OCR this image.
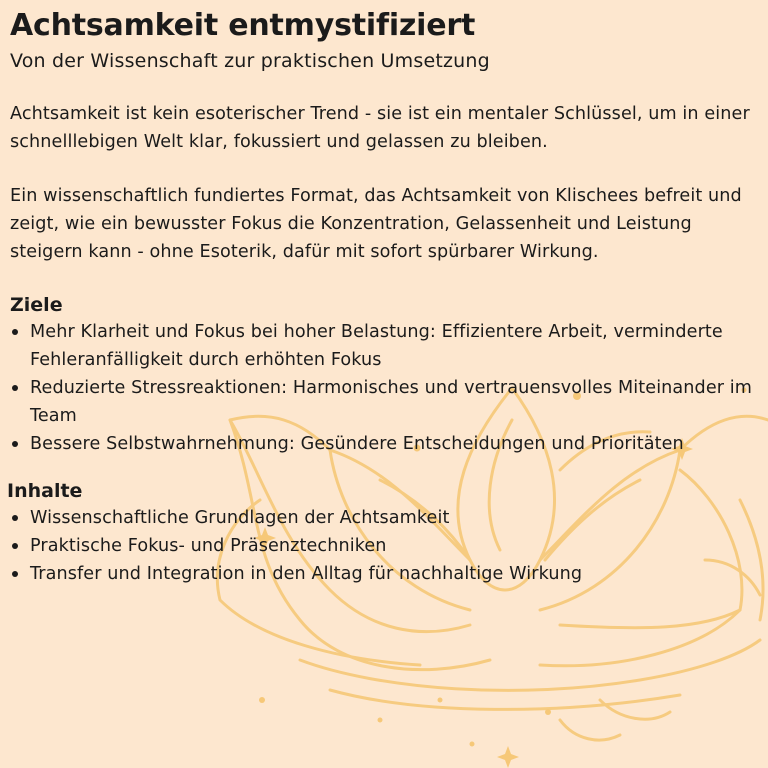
Achtsamkeit entmystifiziert

Von der Wissenschaft zur praktischen Umsetzung

Achtsamkeit ist kein esoterischer Trend - sie ist ein mentaler Schlüssel, um in einer schnelllebigen Welt klar, fokussiert und gelassen zu bleiben.

Ein wissenschaftlich fundiertes Format, das Achtsamkeit von Klischees befreit und zeigt, wie ein bewusster Fokus die Konzentration, Gelassenheit und Leistung steigern kann - ohne Esoterik, dafür mit sofort spürbarer Wirkung.

Ziele
Mehr Klarheit und Fokus bei hoher Belastung: Effizientere Arbeit, verminderte Fehleranfälligkeit durch erhöhten Fokus
Reduzierte Stressreaktionen: Harmonisches und vertrauensvolles Miteinander im Team
Bessere Selbstwahrnehmung: Gesündere Entscheidungen und Prioritäten
Inhalte
Wissenschaftliche Grundlagen der Achtsamkeit
Praktische Fokus- und Präsenztechniken
Transfer und Integration in den Alltag für nachhaltige Wirkung
